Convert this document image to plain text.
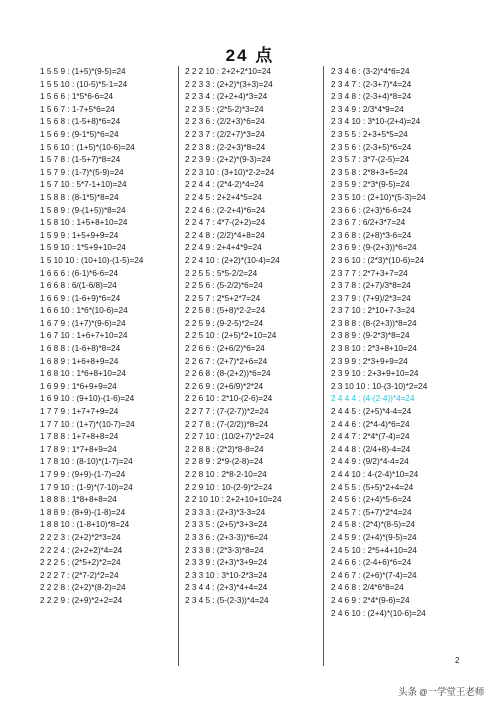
24 点
1 5 5 9 : (1+5)*(9-5)=24
1 5 5 10 : (10-5)*5-1=24
1 5 6 6 : 1*5*6-6=24
1 5 6 7 : 1-7+5*6=24
1 5 6 8 : (1-5+8)*6=24
1 5 6 9 : (9-1*5)*6=24
1 5 6 10 : (1+5)*(10-6)=24
1 5 7 8 : (1-5+7)*8=24
1 5 7 9 : (1-7)*(5-9)=24
1 5 7 10 : 5*7-1+10)=24
1 5 8 8 : (8-1*5)*8=24
1 5 8 9 : (9-(1+5))*8=24
1 5 8 10 : 1+5+8+10=24
1 5 9 9 : 1+5+9+9=24
1 5 9 10 : 1*5+9+10=24
1 5 10 10 : (10+10)-(1-5)=24
1 6 6 6 : (6-1)*6-6=24
1 6 6 8 : 6/(1-6/8)=24
1 6 6 9 : (1-6+9)*6=24
1 6 6 10 : 1*6*(10-6)=24
1 6 7 9 : (1+7)*(9-6)=24
1 6 7 10 : 1+6+7+10=24
1 6 8 8 : (1-6+8)*8=24
1 6 8 9 : 1+6+8+9=24
1 6 8 10 : 1*6+8+10=24
1 6 9 9 : 1*6+9+9=24
1 6 9 10 : (9+10)-(1-6)=24
1 7 7 9 : 1+7+7+9=24
1 7 7 10 : (1+7)*(10-7)=24
1 7 8 8 : 1+7+8+8=24
1 7 8 9 : 1*7+8+9=24
1 7 8 10 : (8-10)*(1-7)=24
1 7 9 9 : (9+9)-(1-7)=24
1 7 9 10 : (1-9)*(7-10)=24
1 8 8 8 : 1*8+8+8=24
1 8 8 9 : (8+9)-(1-8)=24
1 8 8 10 : (1-8+10)*8=24
2 2 2 3 : (2+2)*2*3=24
2 2 2 4 : (2+2+2)*4=24
2 2 2 5 : (2*5+2)*2=24
2 2 2 7 : (2*7-2)*2=24
2 2 2 8 : (2+2)*(8-2)=24
2 2 2 9 : (2+9)*2+2=24
2 2 2 10 : 2+2+2*10=24
2 2 3 3 : (2+2)*(3+3)=24
2 2 3 4 : (2+2+4)*3=24
2 2 3 5 : (2*5-2)*3=24
2 2 3 6 : (2/2+3)*6=24
2 2 3 7 : (2/2+7)*3=24
2 2 3 8 : (2-2+3)*8=24
2 2 3 9 : (2+2)*(9-3)=24
2 2 3 10 : (3+10)*2-2=24
2 2 4 4 : (2*4-2)*4=24
2 2 4 5 : 2+2+4*5=24
2 2 4 6 : (2-2+4)*6=24
2 2 4 7 : 4*7-(2+2)=24
2 2 4 8 : (2/2)*4+8=24
2 2 4 9 : 2+4+4*9=24
2 2 4 10 : (2+2)*(10-4)=24
2 2 5 5 : 5*5-2/2=24
2 2 5 6 : (5-2/2)*6=24
2 2 5 7 : 2*5+2*7=24
2 2 5 8 : (5+8)*2-2=24
2 2 5 9 : (9-2-5)*2=24
2 2 5 10 : (2+5)*2+10=24
2 2 6 6 : (2+6/2)*6=24
2 2 6 7 : (2+7)*2+6=24
2 2 6 8 : (8-(2+2))*6=24
2 2 6 9 : (2+6/9)*2*24
2 2 6 10 : 2*10-(2-6)=24
2 2 7 7 : (7-(2-7))*2=24
2 2 7 8 : (7-(2/2))*8=24
2 2 7 10 : (10/2+7)*2=24
2 2 8 8 : (2*2)*8-8=24
2 2 8 9 : 2*9-(2-8)=24
2 2 8 10 : 2*8-2-10=24
2 2 9 10 : 10-(2-9)*2=24
2 2 10 10 : 2+2+10+10=24
2 3 3 3 : (2+3)*3-3=24
2 3 3 5 : (2+5)*3+3=24
2 3 3 6 : (2+3-3))*6=24
2 3 3 8 : (2*3-3)*8=24
2 3 3 9 : (2+3)*3+9=24
2 3 3 10 : 3*10-2*3=24
2 3 4 4 : (2+3)*4+4=24
2 3 4 5 : (5-(2-3))*4=24
2 3 4 6 : (3-2)*4*6=24
2 3 4 7 : (2-3+7)*4=24
2 3 4 8 : (2-3+4)*8=24
2 3 4 9 : 2/3*4*9=24
2 3 4 10 : 3*10-(2+4)=24
2 3 5 5 : 2+3+5*5=24
2 3 5 6 : (2-3+5)*6=24
2 3 5 7 : 3*7-(2-5)=24
2 3 5 8 : 2*8+3+5=24
2 3 5 9 : 2*3*(9-5)=24
2 3 5 10 : (2+10)*(5-3)=24
2 3 6 6 : (2+3)*6-6=24
2 3 6 7 : 6/2+3*7=24
2 3 6 8 : (2+8)*3-6=24
2 3 6 9 : (9-(2+3))*6=24
2 3 6 10 : (2*3)*(10-6)=24
2 3 7 7 : 2*7+3+7=24
2 3 7 8 : (2+7)/3*8=24
2 3 7 9 : (7+9)/2*3=24
2 3 7 10 : 2*10+7-3=24
2 3 8 8 : (8-(2+3))*8=24
2 3 8 9 : (9-2*3)*8=24
2 3 8 10 : 2*3+8+10=24
2 3 9 9 : 2*3+9+9=24
2 3 9 10 : 2+3+9+10=24
2 3 10 10 : 10-(3-10)*2=24
2 4 4 4 : (4-(2-4))*4=24
2 4 4 5 : (2+5)*4-4=24
2 4 4 6 : (2*4-4)*6=24
2 4 4 7 : 2*4*(7-4)=24
2 4 4 8 : (2/4+8)-4=24
2 4 4 9 : (9/2)*4-4=24
2 4 4 10 : 4-(2-4)*10=24
2 4 5 5 : (5+5)*2+4=24
2 4 5 6 : (2+4)*5-6=24
2 4 5 7 : (5+7)*2*4=24
2 4 5 8 : (2*4)*(8-5)=24
2 4 5 9 : (2+4)*(9-5)=24
2 4 5 10 : 2*5+4+10=24
2 4 6 6 : (2-4+6)*6=24
2 4 6 7 : (2+6)*(7-4)=24
2 4 6 8 : 2/4*6*8=24
2 4 6 9 : 2*4*(9-6)=24
2 4 6 10 : (2+4)*(10-6)=24
2
头条 @一学堂王老师
